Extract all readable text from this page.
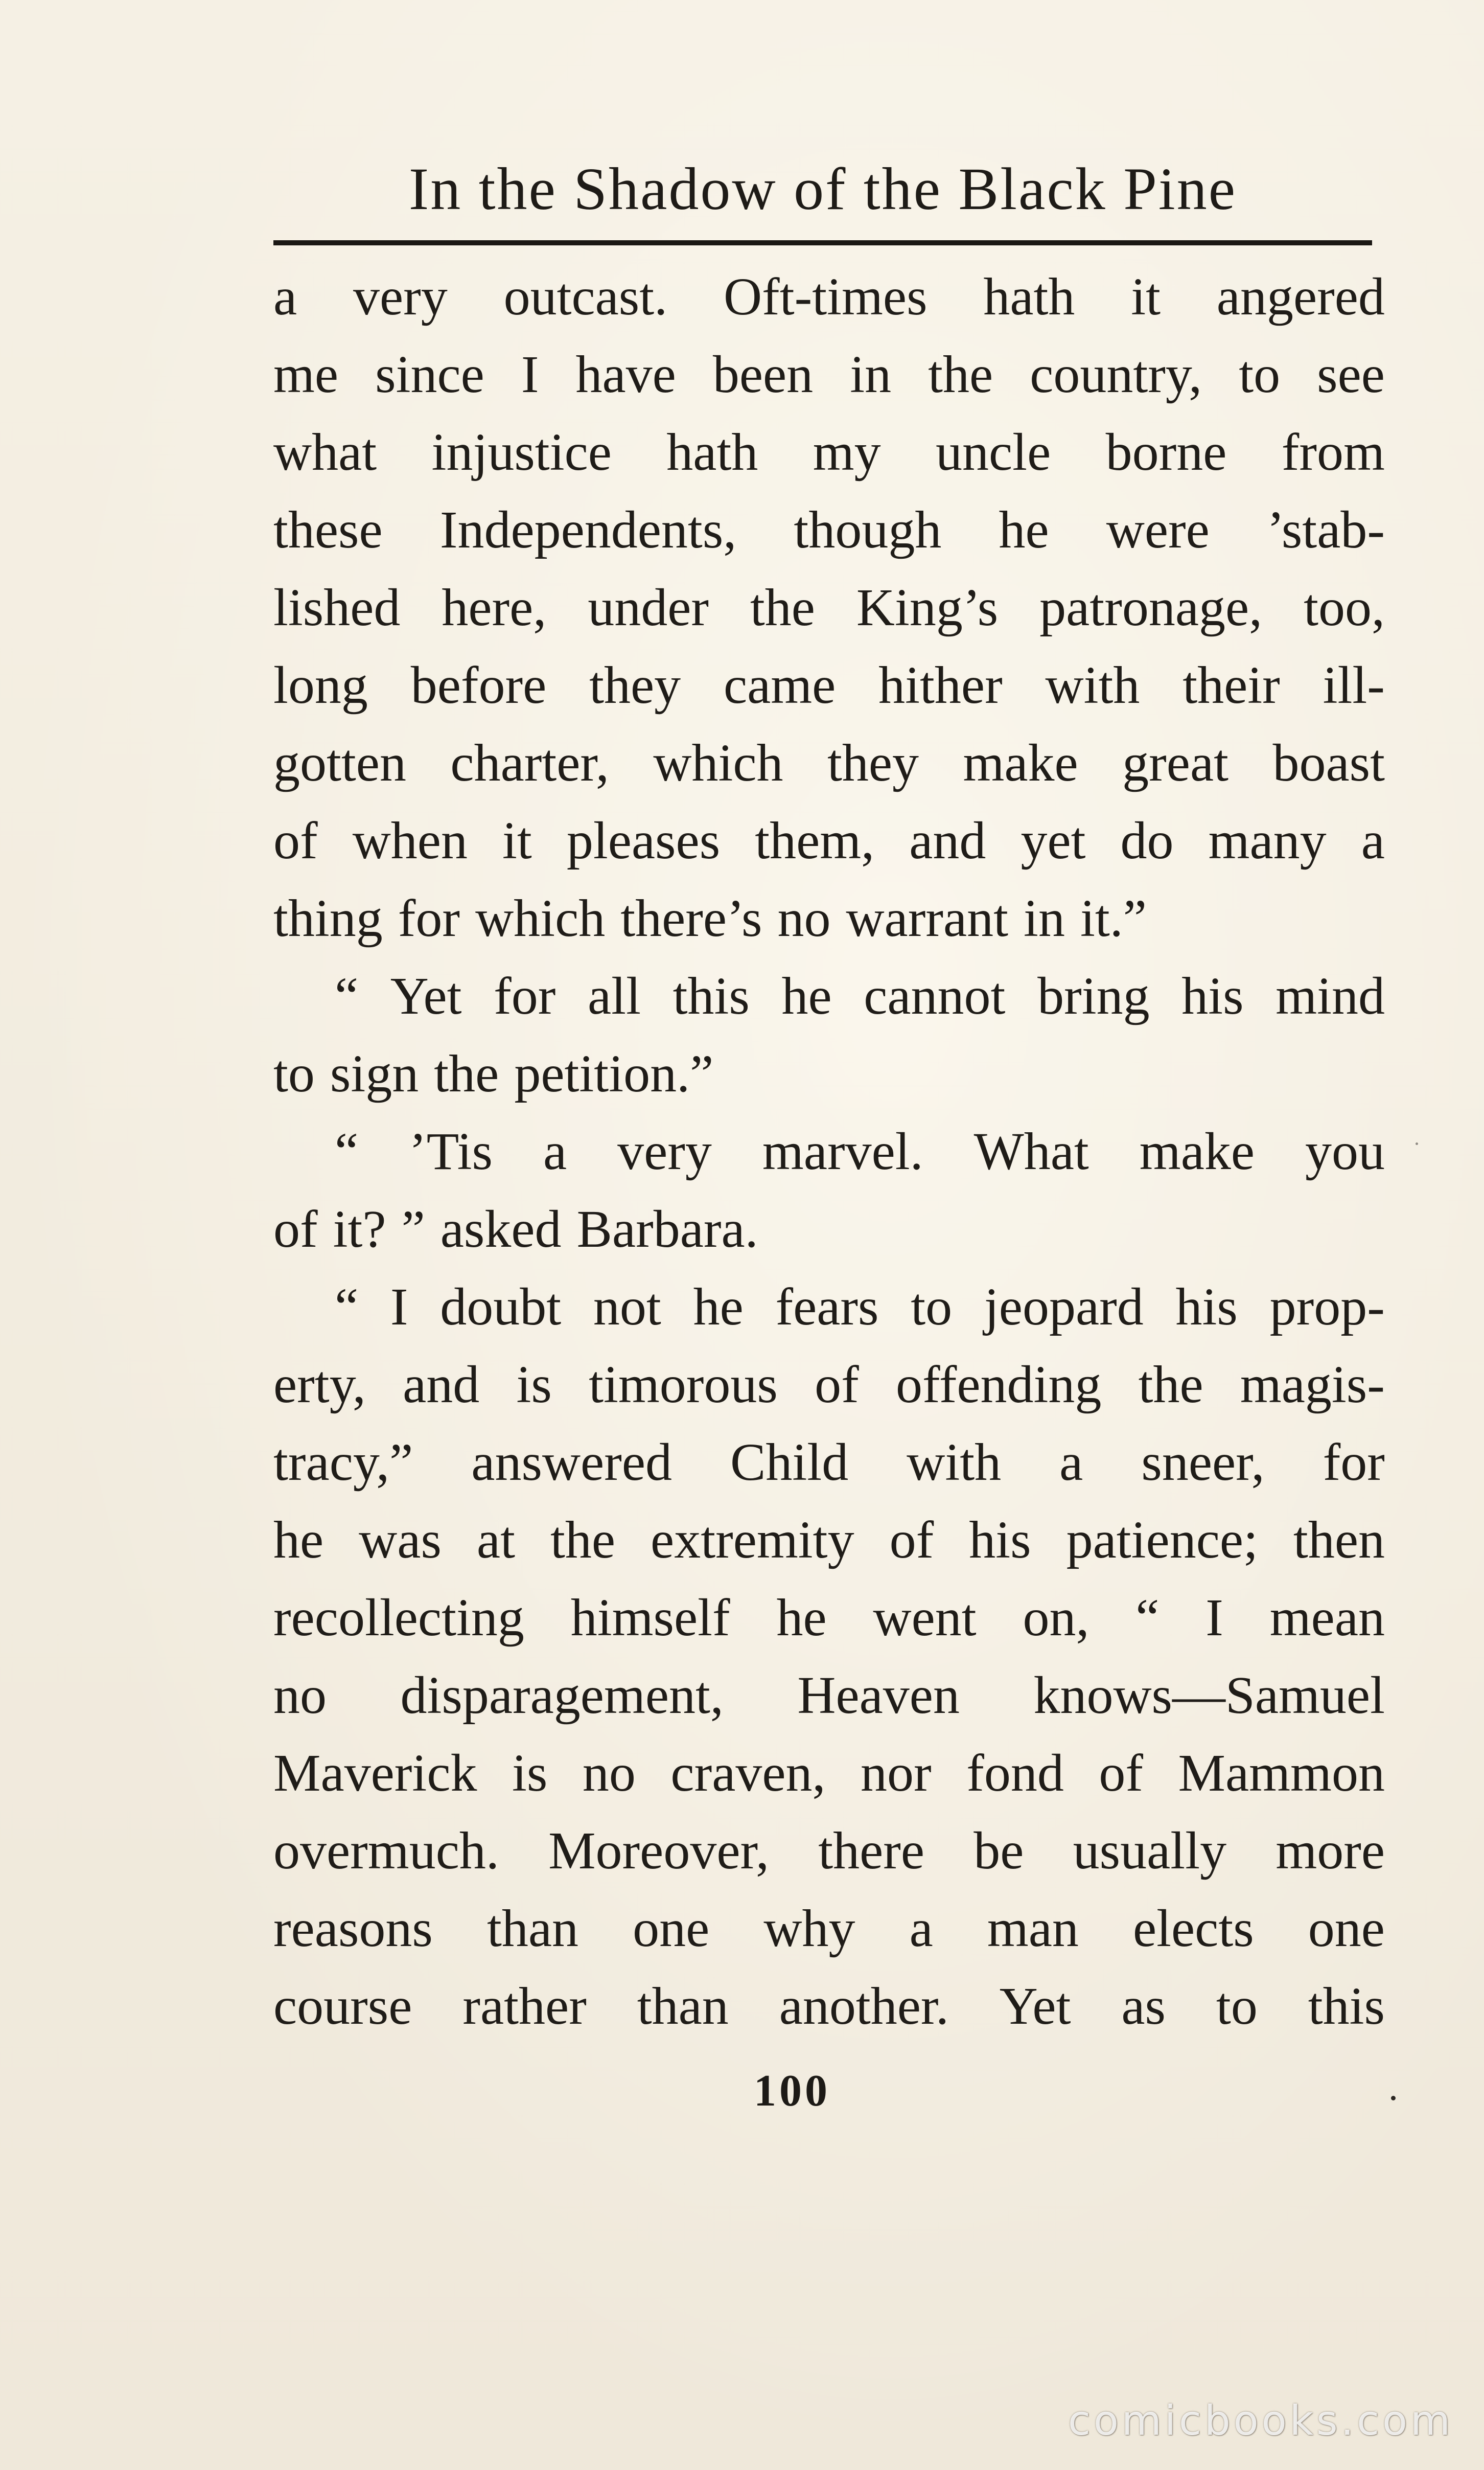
In the Shadow of the Black Pine
a very outcast. Oft-times hath it angered
me since I have been in the country, to see
what injustice hath my uncle borne from
these Independents, though he were ’stab-
lished here, under the King’s patronage, too,
long before they came hither with their ill-
gotten charter, which they make great boast
of when it pleases them, and yet do many a
thing for which there’s no warrant in it.”
“ Yet for all this he cannot bring his mind
to sign the petition.”
“ ’Tis a very marvel. What make you
of it? ” asked Barbara.
“ I doubt not he fears to jeopard his prop-
erty, and is timorous of offending the magis-
tracy,” answered Child with a sneer, for
he was at the extremity of his patience; then
recollecting himself he went on, “ I mean
no disparagement, Heaven knows—Samuel
Maverick is no craven, nor fond of Mammon
overmuch. Moreover, there be usually more
reasons than one why a man elects one
course rather than another. Yet as to this
100
comicbooks.com
